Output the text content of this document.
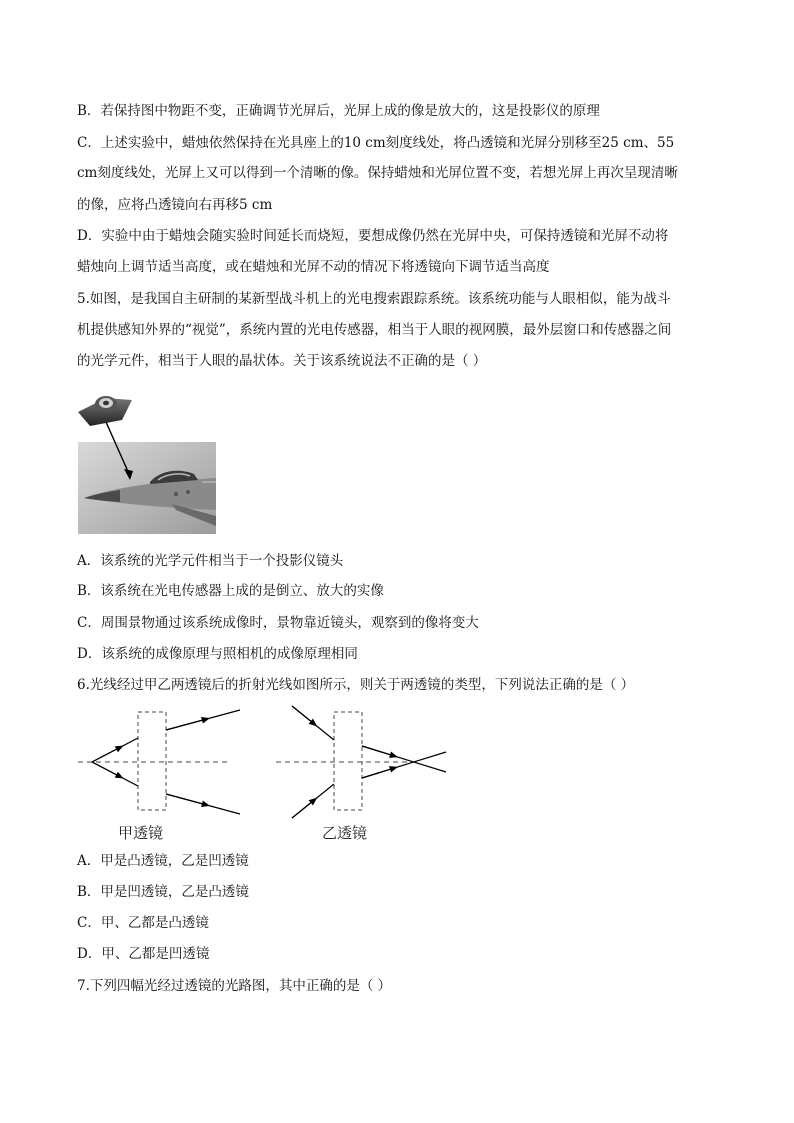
B．若保持图中物距不变，正确调节光屏后，光屏上成的像是放大的，这是投影仪的原理
C．上述实验中，蜡烛依然保持在光具座上的10 cm刻度线处，将凸透镜和光屏分别移至25 cm、55
cm刻度线处，光屏上又可以得到一个清晰的像。保持蜡烛和光屏位置不变，若想光屏上再次呈现清晰
的像，应将凸透镜向右再移5 cm
D．实验中由于蜡烛会随实验时间延长而烧短，要想成像仍然在光屏中央，可保持透镜和光屏不动将
蜡烛向上调节适当高度，或在蜡烛和光屏不动的情况下将透镜向下调节适当高度
5.如图，是我国自主研制的某新型战斗机上的光电搜索跟踪系统。该系统功能与人眼相似，能为战斗
机提供感知外界的“视觉”，系统内置的光电传感器，相当于人眼的视网膜，最外层窗口和传感器之间
的光学元件，相当于人眼的晶状体。关于该系统说法不正确的是（ ）
A．该系统的光学元件相当于一个投影仪镜头
B．该系统在光电传感器上成的是倒立、放大的实像
C．周围景物通过该系统成像时，景物靠近镜头，观察到的像将变大
D．该系统的成像原理与照相机的成像原理相同
6.光线经过甲乙两透镜后的折射光线如图所示，则关于两透镜的类型，下列说法正确的是（ ）
甲透镜	乙透镜
A．甲是凸透镜，乙是凹透镜
B．甲是凹透镜，乙是凸透镜
C．甲、乙都是凸透镜
D．甲、乙都是凹透镜
7.下列四幅光经过透镜的光路图，其中正确的是（ ）
